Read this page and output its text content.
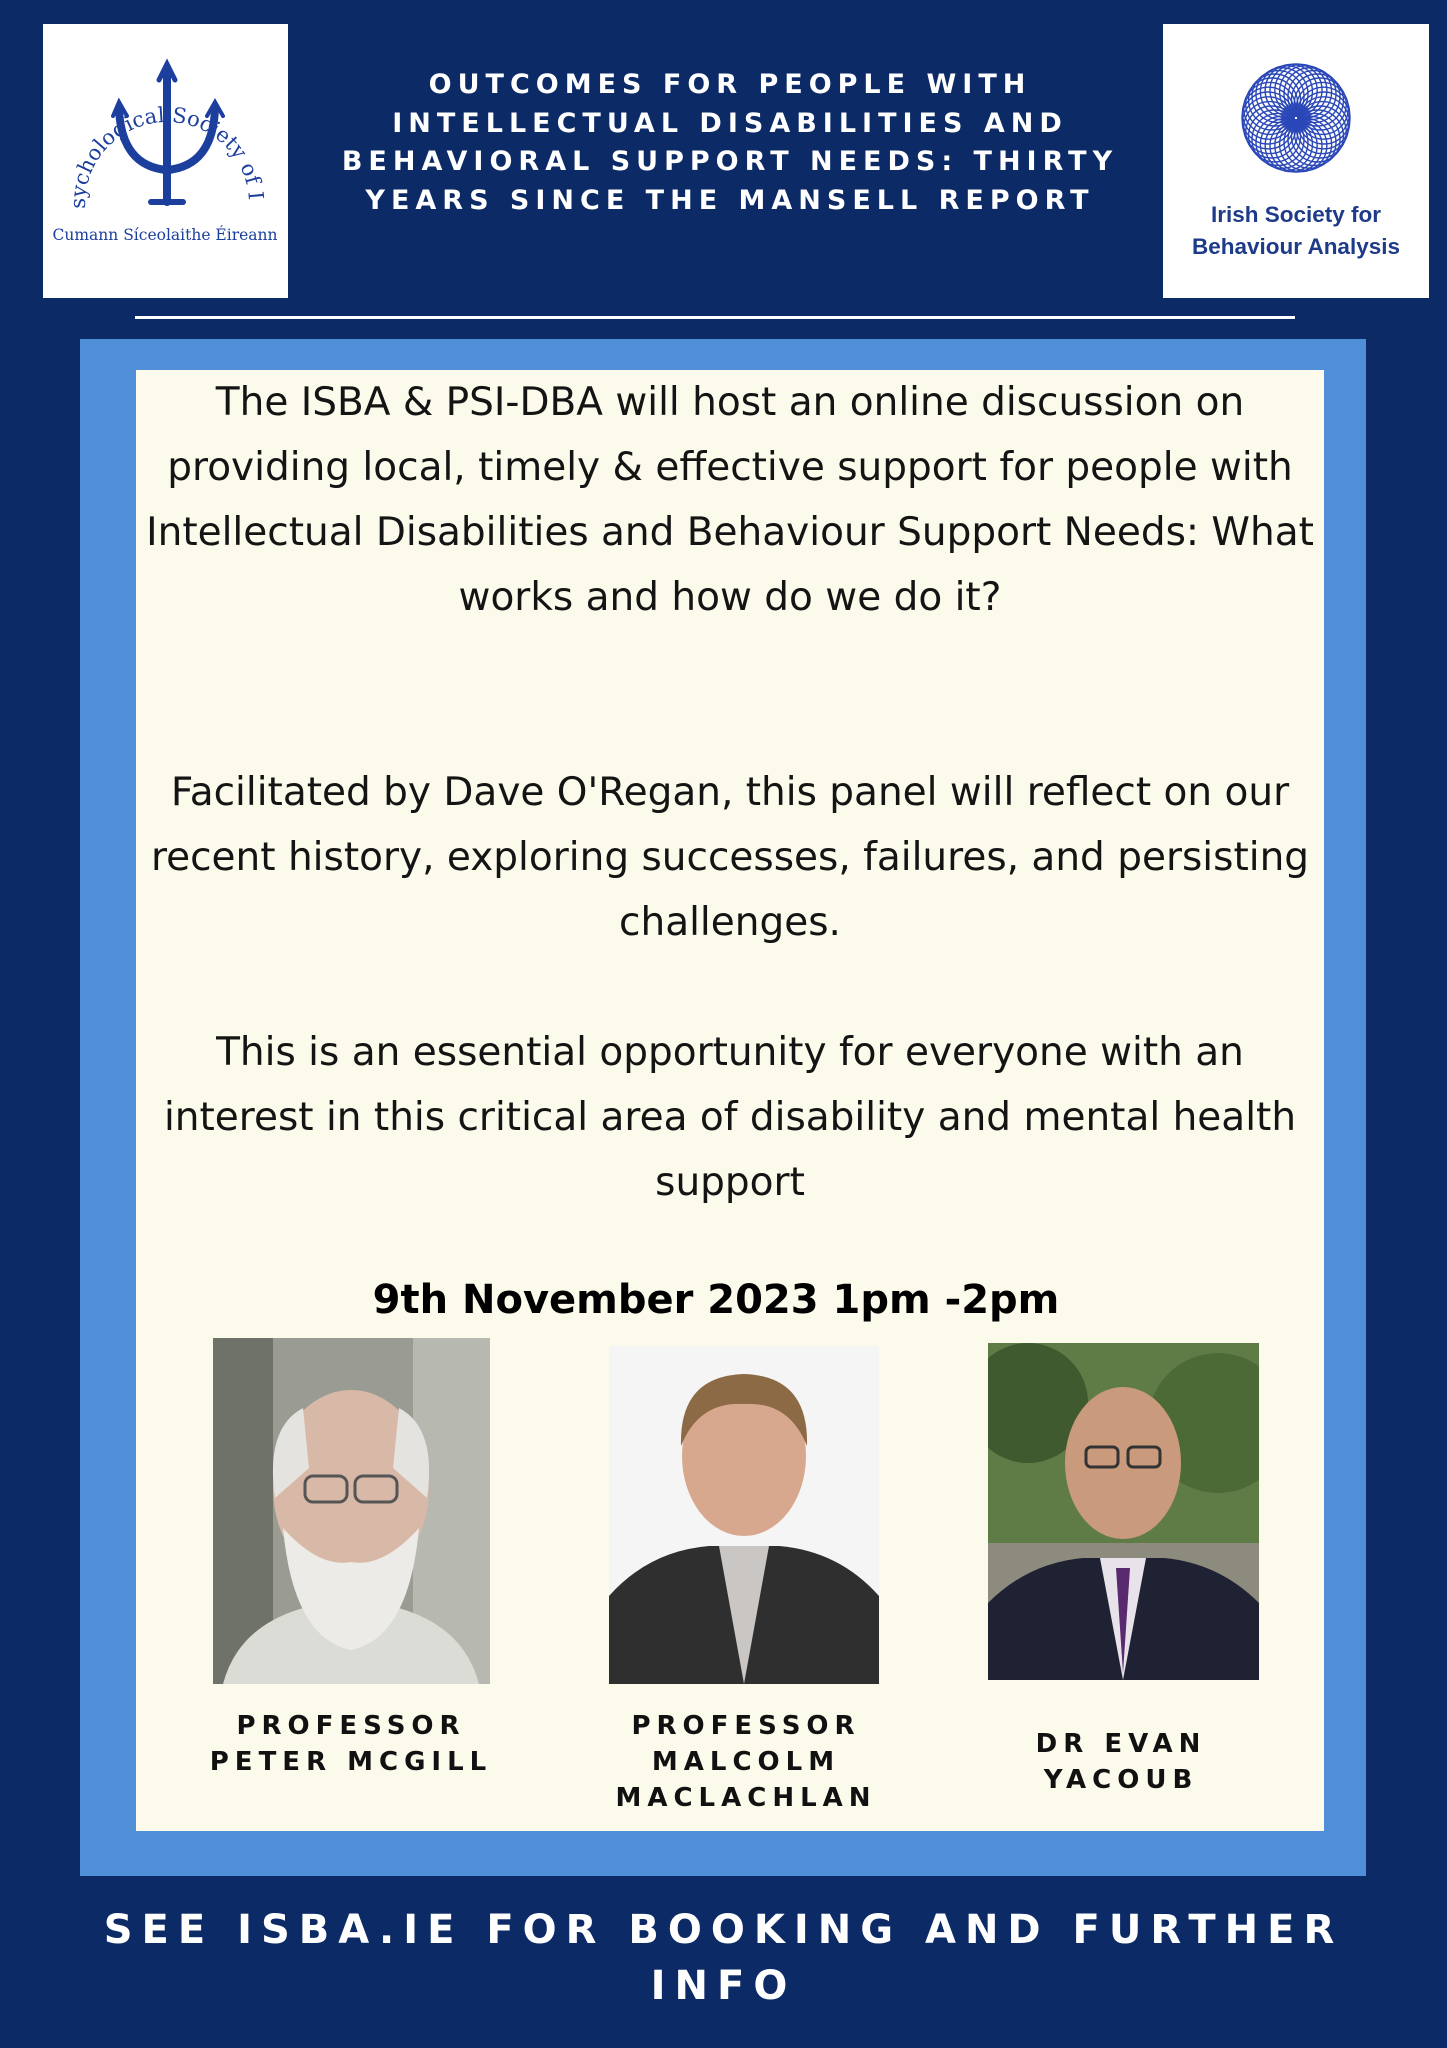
sychological Society of I
Cumann Síceolaithe Éireann
OUTCOMES FOR PEOPLE WITH INTELLECTUAL DISABILITIES AND BEHAVIORAL SUPPORT NEEDS: THIRTY YEARS SINCE THE MANSELL REPORT	Irish Society for
Behaviour Analysis

The ISBA & PSI-DBA will host an online discussion on providing local, timely & effective support for people with Intellectual Disabilities and Behaviour Support Needs: What works and how do we do it?

Facilitated by Dave O'Regan, this panel will reflect on our recent history, exploring successes, failures, and persisting challenges.

This is an essential opportunity for everyone with an interest in this critical area of disability and mental health support

9th November 2023 1pm -2pm

PROFESSOR PETER MCGILL

PROFESSOR MALCOLM MACLACHLAN

DR EVAN YACOUB

SEE ISBA.IE FOR BOOKING AND FURTHER INFO
